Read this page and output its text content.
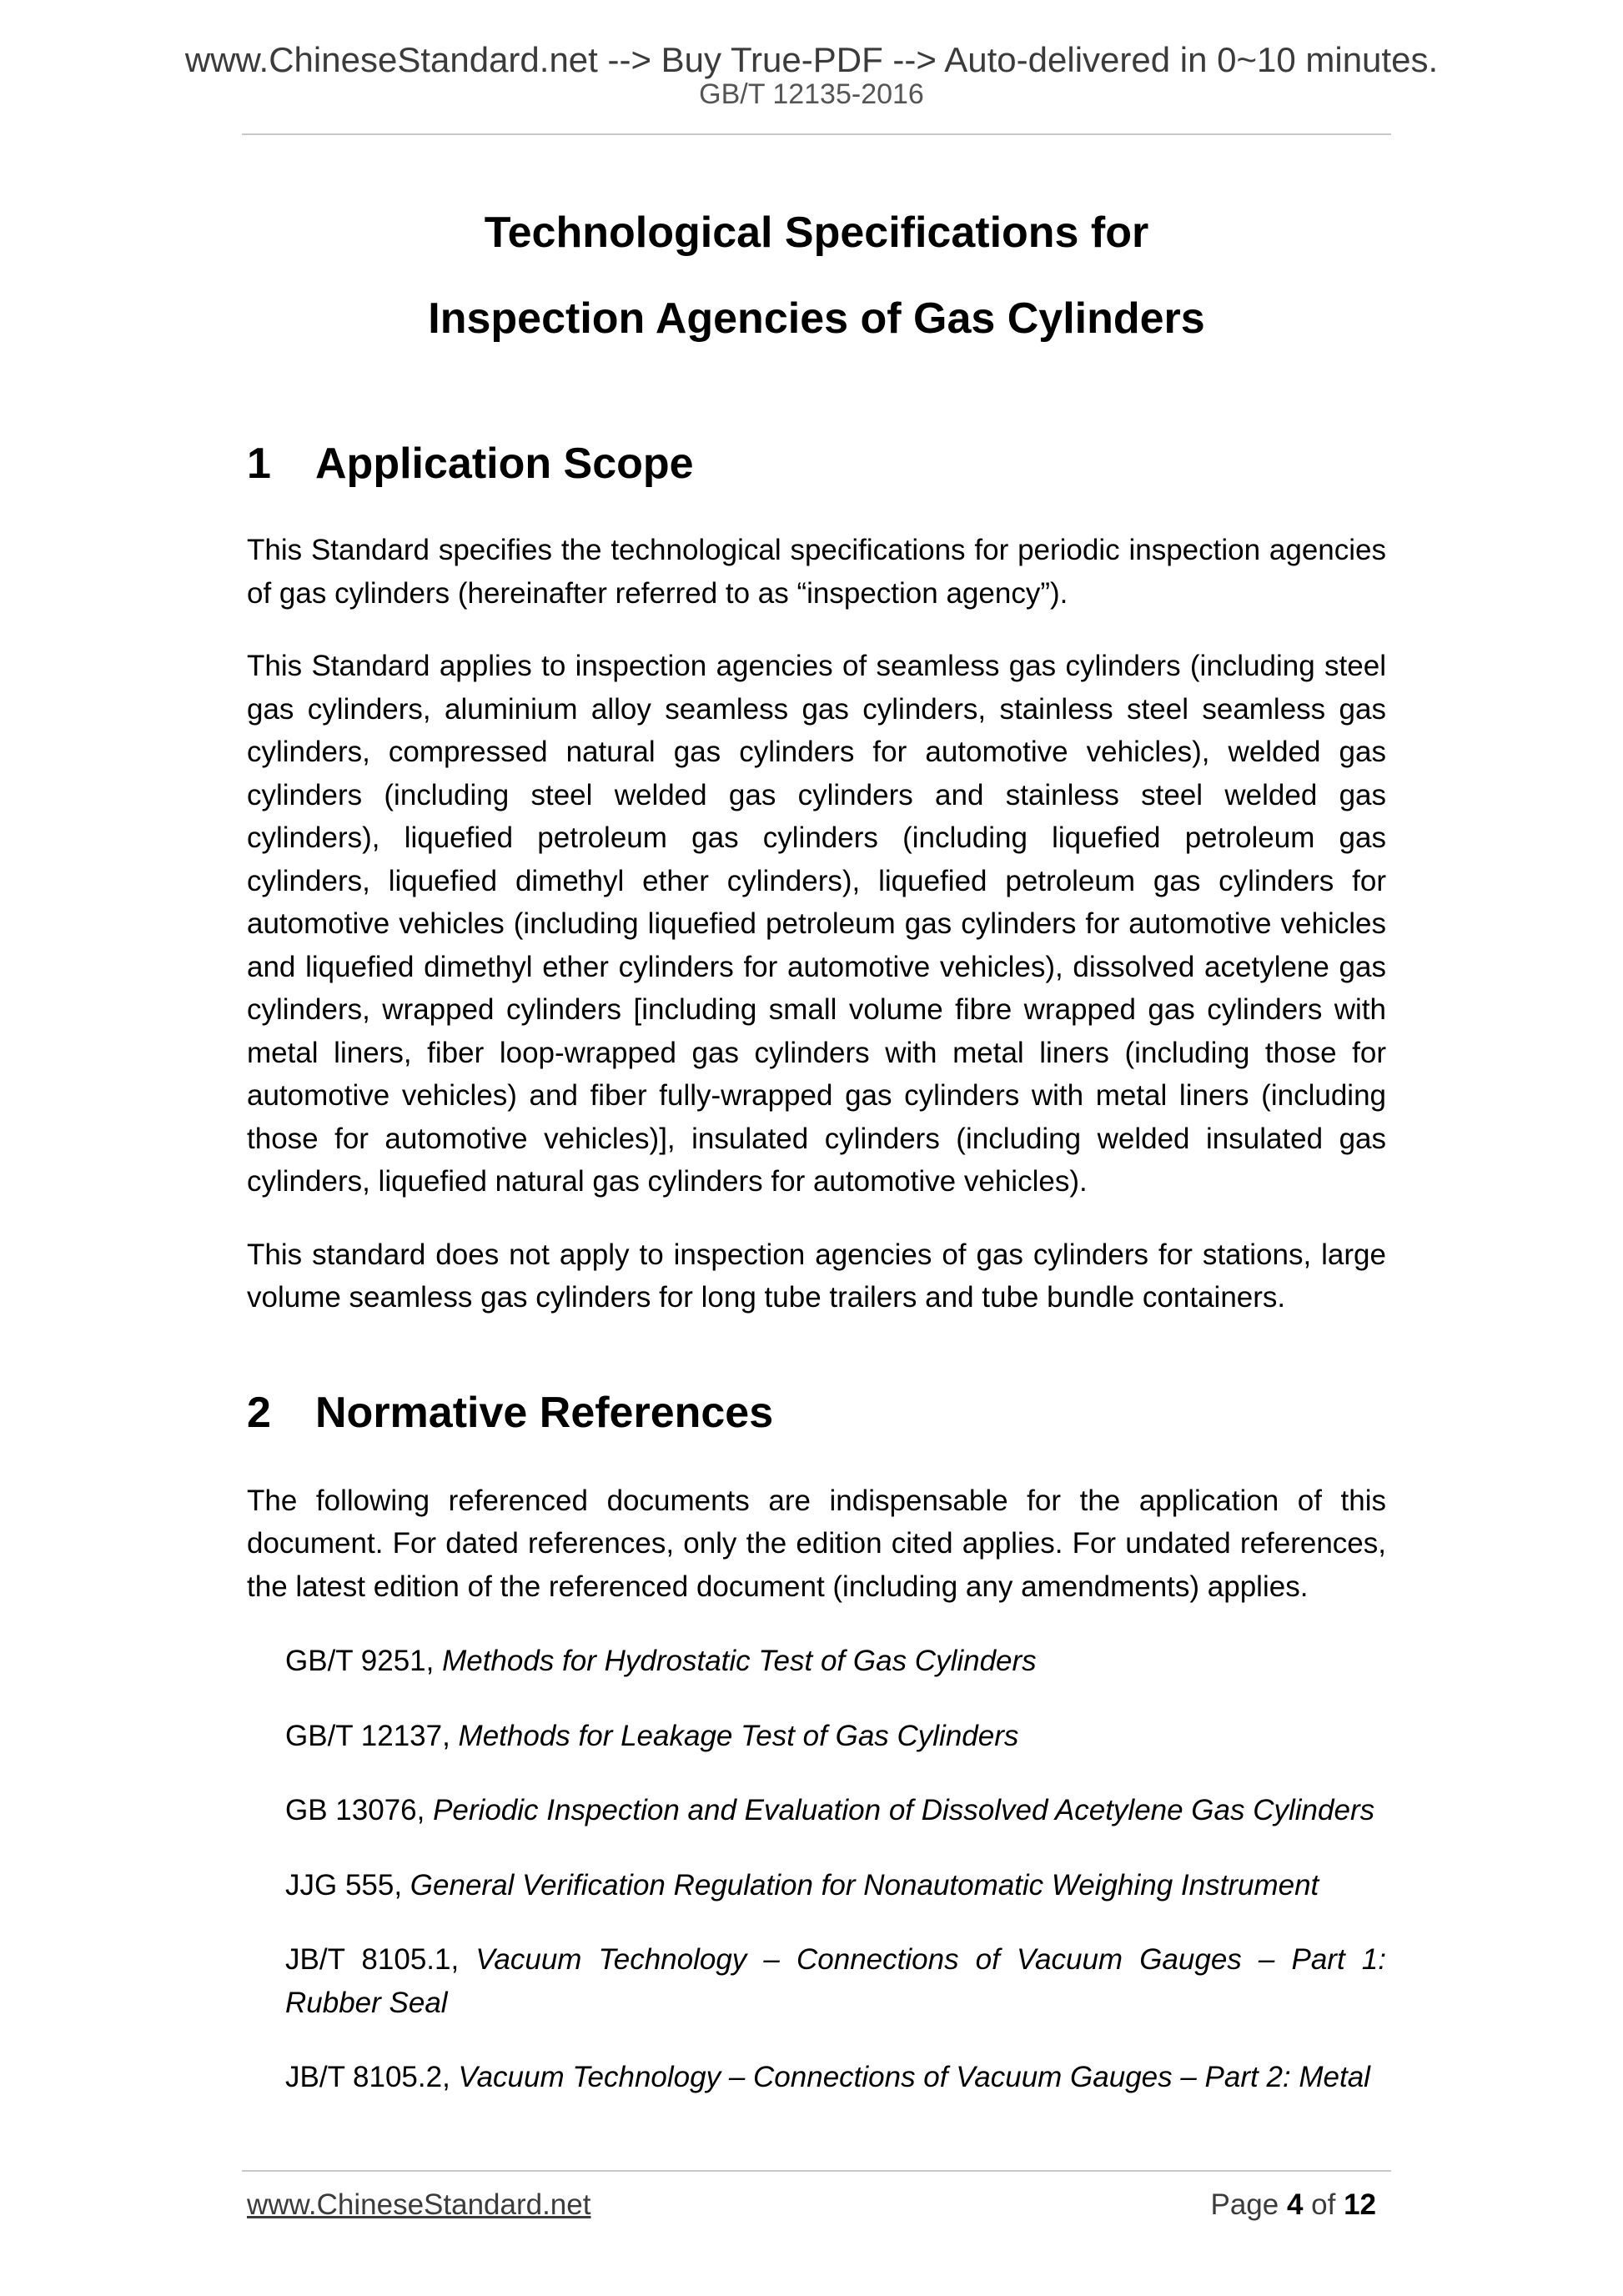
www.ChineseStandard.net --> Buy True-PDF --> Auto-delivered in 0~10 minutes.
GB/T 12135-2016
Technological Specifications for
Inspection Agencies of Gas Cylinders
1 Application Scope

This Standard specifies the technological specifications for periodic inspection agencies of gas cylinders (hereinafter referred to as “inspection agency”).

This Standard applies to inspection agencies of seamless gas cylinders (including steel gas cylinders, aluminium alloy seamless gas cylinders, stainless steel seamless gas cylinders, compressed natural gas cylinders for automotive vehicles), welded gas cylinders (including steel welded gas cylinders and stainless steel welded gas cylinders), liquefied petroleum gas cylinders (including liquefied petroleum gas cylinders, liquefied dimethyl ether cylinders), liquefied petroleum gas cylinders for automotive vehicles (including liquefied petroleum gas cylinders for automotive vehicles and liquefied dimethyl ether cylinders for automotive vehicles), dissolved acetylene gas cylinders, wrapped cylinders [including small volume fibre wrapped gas cylinders with metal liners, fiber loop-wrapped gas cylinders with metal liners (including those for automotive vehicles) and fiber fully-wrapped gas cylinders with metal liners (including those for automotive vehicles)], insulated cylinders (including welded insulated gas cylinders, liquefied natural gas cylinders for automotive vehicles).

This standard does not apply to inspection agencies of gas cylinders for stations, large volume seamless gas cylinders for long tube trailers and tube bundle containers.

2 Normative References

The following referenced documents are indispensable for the application of this document. For dated references, only the edition cited applies. For undated references, the latest edition of the referenced document (including any amendments) applies.

GB/T 9251, Methods for Hydrostatic Test of Gas Cylinders
GB/T 12137, Methods for Leakage Test of Gas Cylinders
GB 13076, Periodic Inspection and Evaluation of Dissolved Acetylene Gas Cylinders
JJG 555, General Verification Regulation for Nonautomatic Weighing Instrument
JB/T 8105.1, Vacuum Technology – Connections of Vacuum Gauges – Part 1: Rubber Seal
JB/T 8105.2, Vacuum Technology – Connections of Vacuum Gauges – Part 2: Metal
www.ChineseStandard.net	Page 4 of 12
